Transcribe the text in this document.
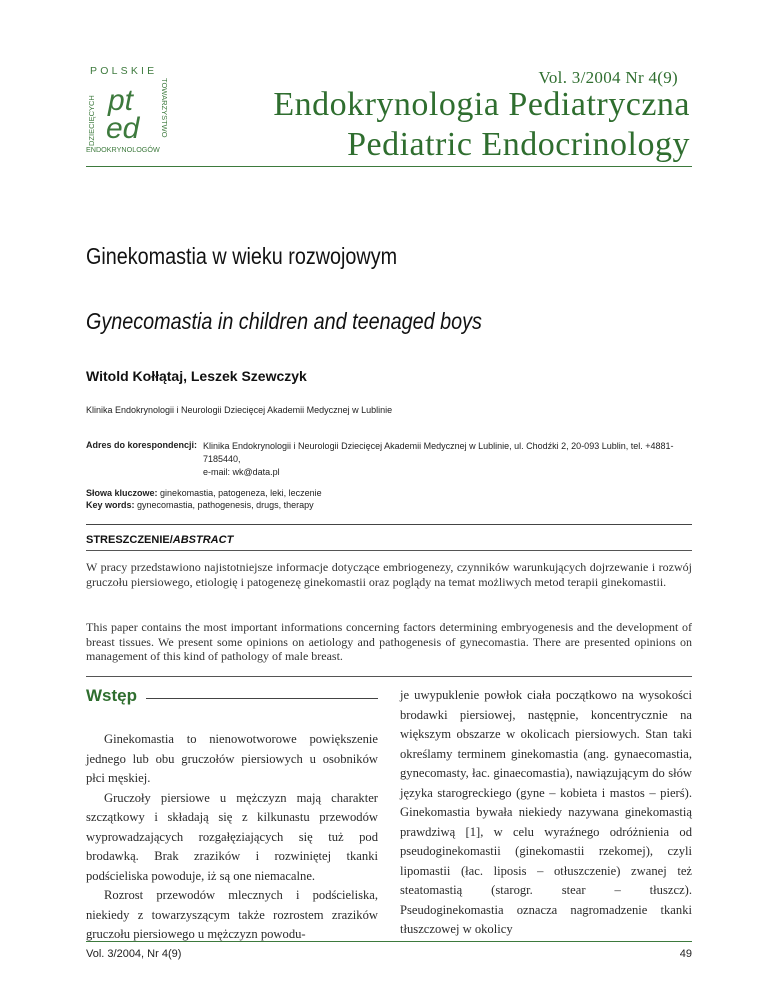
POLSKIE
DZIECIĘCYCH	TOWARZYSTWO
pt
ed
ENDOKRYNOLOGÓW
Vol. 3/2004 Nr 4(9)
Endokrynologia Pediatryczna
Pediatric Endocrinology
Ginekomastia w wieku rozwojowym
Gynecomastia in children and teenaged boys
Witold Kołłątaj, Leszek Szewczyk
Klinika Endokrynologii i Neurologii Dziecięcej Akademii Medycznej w Lublinie
Adres do korespondencji: Klinika Endokrynologii i Neurologii Dziecięcej Akademii Medycznej w Lublinie, ul. Chodźki 2, 20-093 Lublin, tel. +4881-7185440,
e-mail: wk@data.pl
Słowa kluczowe: ginekomastia, patogeneza, leki, leczenie
Key words: gynecomastia, pathogenesis, drugs, therapy
STRESZCZENIE/ABSTRACT
W pracy przedstawiono najistotniejsze informacje dotyczące embriogenezy, czynników warunkujących dojrzewanie i rozwój gruczołu piersiowego, etiologię i patogenezę ginekomastii oraz poglądy na temat możliwych metod terapii ginekomastii.
This paper contains the most important informations concerning factors determining embryogenesis and the development of breast tissues. We present some opinions on aetiology and pathogenesis of gynecomastia. There are presented opinions on management of this kind of pathology of male breast.
Wstęp

Ginekomastia to nienowotworowe powiększenie jednego lub obu gruczołów piersiowych u osobników płci męskiej.

Gruczoły piersiowe u mężczyzn mają charakter szczątkowy i składają się z kilkunastu przewodów wyprowadzających rozgałęziających się tuż pod brodawką. Brak zrazików i rozwiniętej tkanki podścieliska powoduje, iż są one niemacalne.

Rozrost przewodów mlecznych i podścieliska, niekiedy z towarzyszącym także rozrostem zrazików gruczołu piersiowego u mężczyzn powodu-

je uwypuklenie powłok ciała początkowo na wysokości brodawki piersiowej, następnie, koncentrycznie na większym obszarze w okolicach piersiowych. Stan taki określamy terminem ginekomastia (ang. gynaecomastia, gynecomasty, łac. ginaecomastia), nawiązującym do słów języka starogreckiego (gyne – kobieta i mastos – pierś). Ginekomastia bywała niekiedy nazywana ginekomastią prawdziwą [1], w celu wyraźnego odróżnienia od pseudoginekomastii (ginekomastii rzekomej), czyli lipomastii (łac. liposis – otłuszczenie) zwanej też steatomastią (starogr. stear – tłuszcz). Pseudoginekomastia oznacza nagromadzenie tkanki tłuszczowej w okolicy

Vol. 3/2004, Nr 4(9)	49
